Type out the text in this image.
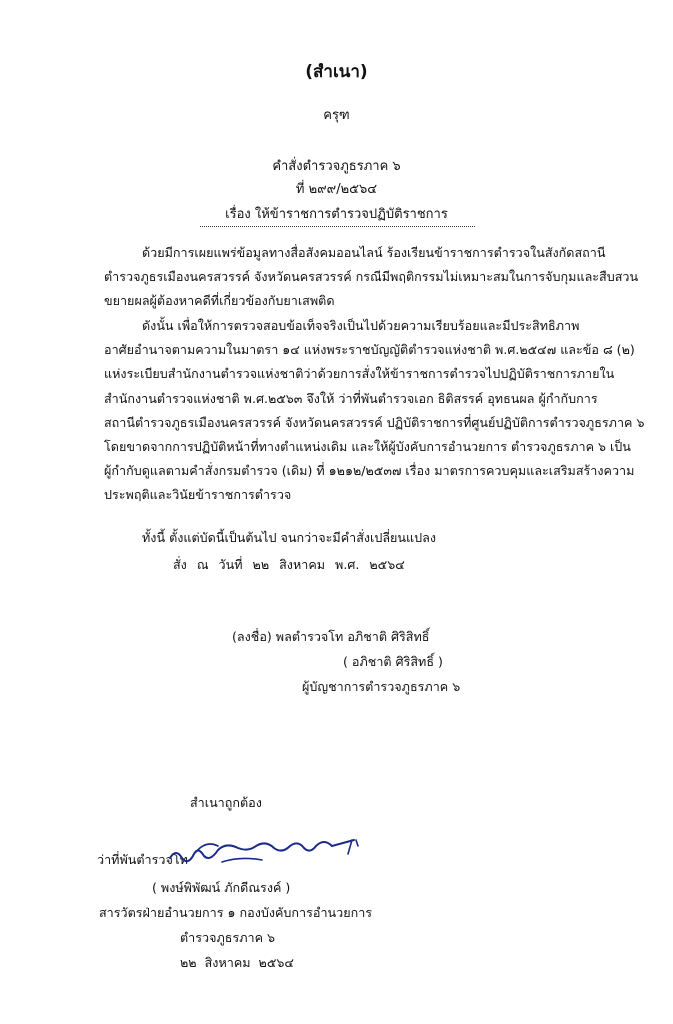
(สำเนา)
ครุฑ
คำสั่งตำรวจภูธรภาค ๖
ที่ ๒๙๙/๒๕๖๔
เรื่อง ให้ข้าราชการตำรวจปฏิบัติราชการ
ด้วยมีการเผยแพร่ข้อมูลทางสื่อสังคมออนไลน์ ร้องเรียนข้าราชการตำรวจในสังกัดสถานี
ตำรวจภูธรเมืองนครสวรรค์ จังหวัดนครสวรรค์ กรณีมีพฤติกรรมไม่เหมาะสมในการจับกุมและสืบสวน
ขยายผลผู้ต้องหาคดีที่เกี่ยวข้องกับยาเสพติด
ดังนั้น เพื่อให้การตรวจสอบข้อเท็จจริงเป็นไปด้วยความเรียบร้อยและมีประสิทธิภาพ
อาศัยอำนาจตามความในมาตรา ๑๔ แห่งพระราชบัญญัติตำรวจแห่งชาติ พ.ศ.๒๕๔๗ และข้อ ๘ (๒)
แห่งระเบียบสำนักงานตำรวจแห่งชาติว่าด้วยการสั่งให้ข้าราชการตำรวจไปปฏิบัติราชการภายใน
สำนักงานตำรวจแห่งชาติ พ.ศ.๒๕๖๓ จึงให้ ว่าที่พันตำรวจเอก ธิติสรรค์ อุทธนผล ผู้กำกับการ
สถานีตำรวจภูธรเมืองนครสวรรค์ จังหวัดนครสวรรค์ ปฏิบัติราชการที่ศูนย์ปฏิบัติการตำรวจภูธรภาค ๖
โดยขาดจากการปฏิบัติหน้าที่ทางตำแหน่งเดิม และให้ผู้บังคับการอำนวยการ ตำรวจภูธรภาค ๖ เป็น
ผู้กำกับดูแลตามคำสั่งกรมตำรวจ (เดิม) ที่ ๑๒๑๒/๒๕๓๗ เรื่อง มาตรการควบคุมและเสริมสร้างความ
ประพฤติและวินัยข้าราชการตำรวจ
ทั้งนี้ ตั้งแต่บัดนี้เป็นต้นไป จนกว่าจะมีคำสั่งเปลี่ยนแปลง
สั่ง ณ วันที่ ๒๒ สิงหาคม พ.ศ. ๒๕๖๔
(ลงชื่อ) พลตำรวจโท อภิชาติ ศิริสิทธิ์
( อภิชาติ ศิริสิทธิ์ )
ผู้บัญชาการตำรวจภูธรภาค ๖
สำเนาถูกต้อง
ว่าที่พันตำรวจโท
( พงษ์พิพัฒน์ ภักดีณรงค์ )
สารวัตรฝ่ายอำนวยการ ๑ กองบังคับการอำนวยการ
ตำรวจภูธรภาค ๖
๒๒ สิงหาคม ๒๕๖๔
